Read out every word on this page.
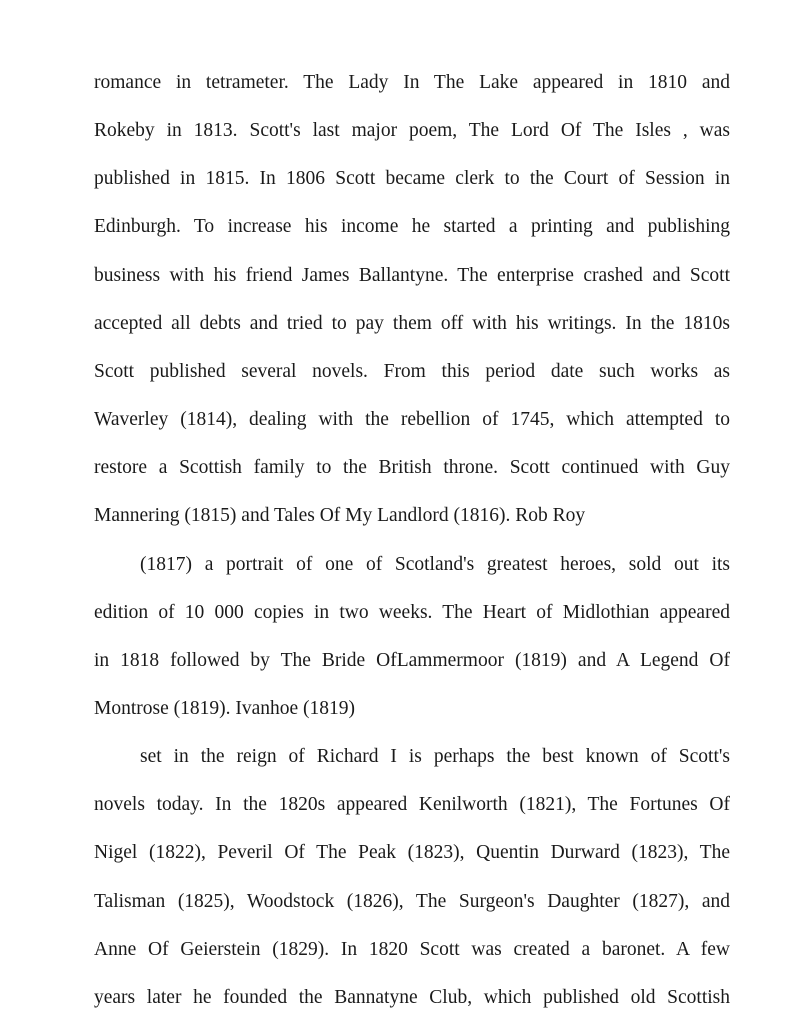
romance in tetrameter. The Lady In The Lake appeared in 1810 and
Rokeby in 1813. Scott's last major poem, The Lord Of The Isles , was
published in 1815. In 1806 Scott became clerk to the Court of Session in
Edinburgh. To increase his income he started a printing and publishing
business with his friend James Ballantyne. The enterprise crashed and Scott
accepted all debts and tried to pay them off with his writings. In the 1810s
Scott published several novels. From this period date such works as
Waverley (1814), dealing with the rebellion of 1745, which attempted to
restore a Scottish family to the British throne. Scott continued with Guy
Mannering (1815) and Tales Of My Landlord (1816). Rob Roy
(1817) a portrait of one of Scotland's greatest heroes, sold out its
edition of 10 000 copies in two weeks. The Heart of Midlothian appeared
in 1818 followed by The Bride OfLammermoor (1819) and A Legend Of
Montrose (1819). Ivanhoe (1819)
set in the reign of Richard I is perhaps the best known of Scott's
novels today. In the 1820s appeared Kenilworth (1821), The Fortunes Of
Nigel (1822), Peveril Of The Peak (1823), Quentin Durward (1823), The
Talisman (1825), Woodstock (1826), The Surgeon's Daughter (1827), and
Anne Of Geierstein (1829). In 1820 Scott was created a baronet. A few
years later he founded the Bannatyne Club, which published old Scottish
